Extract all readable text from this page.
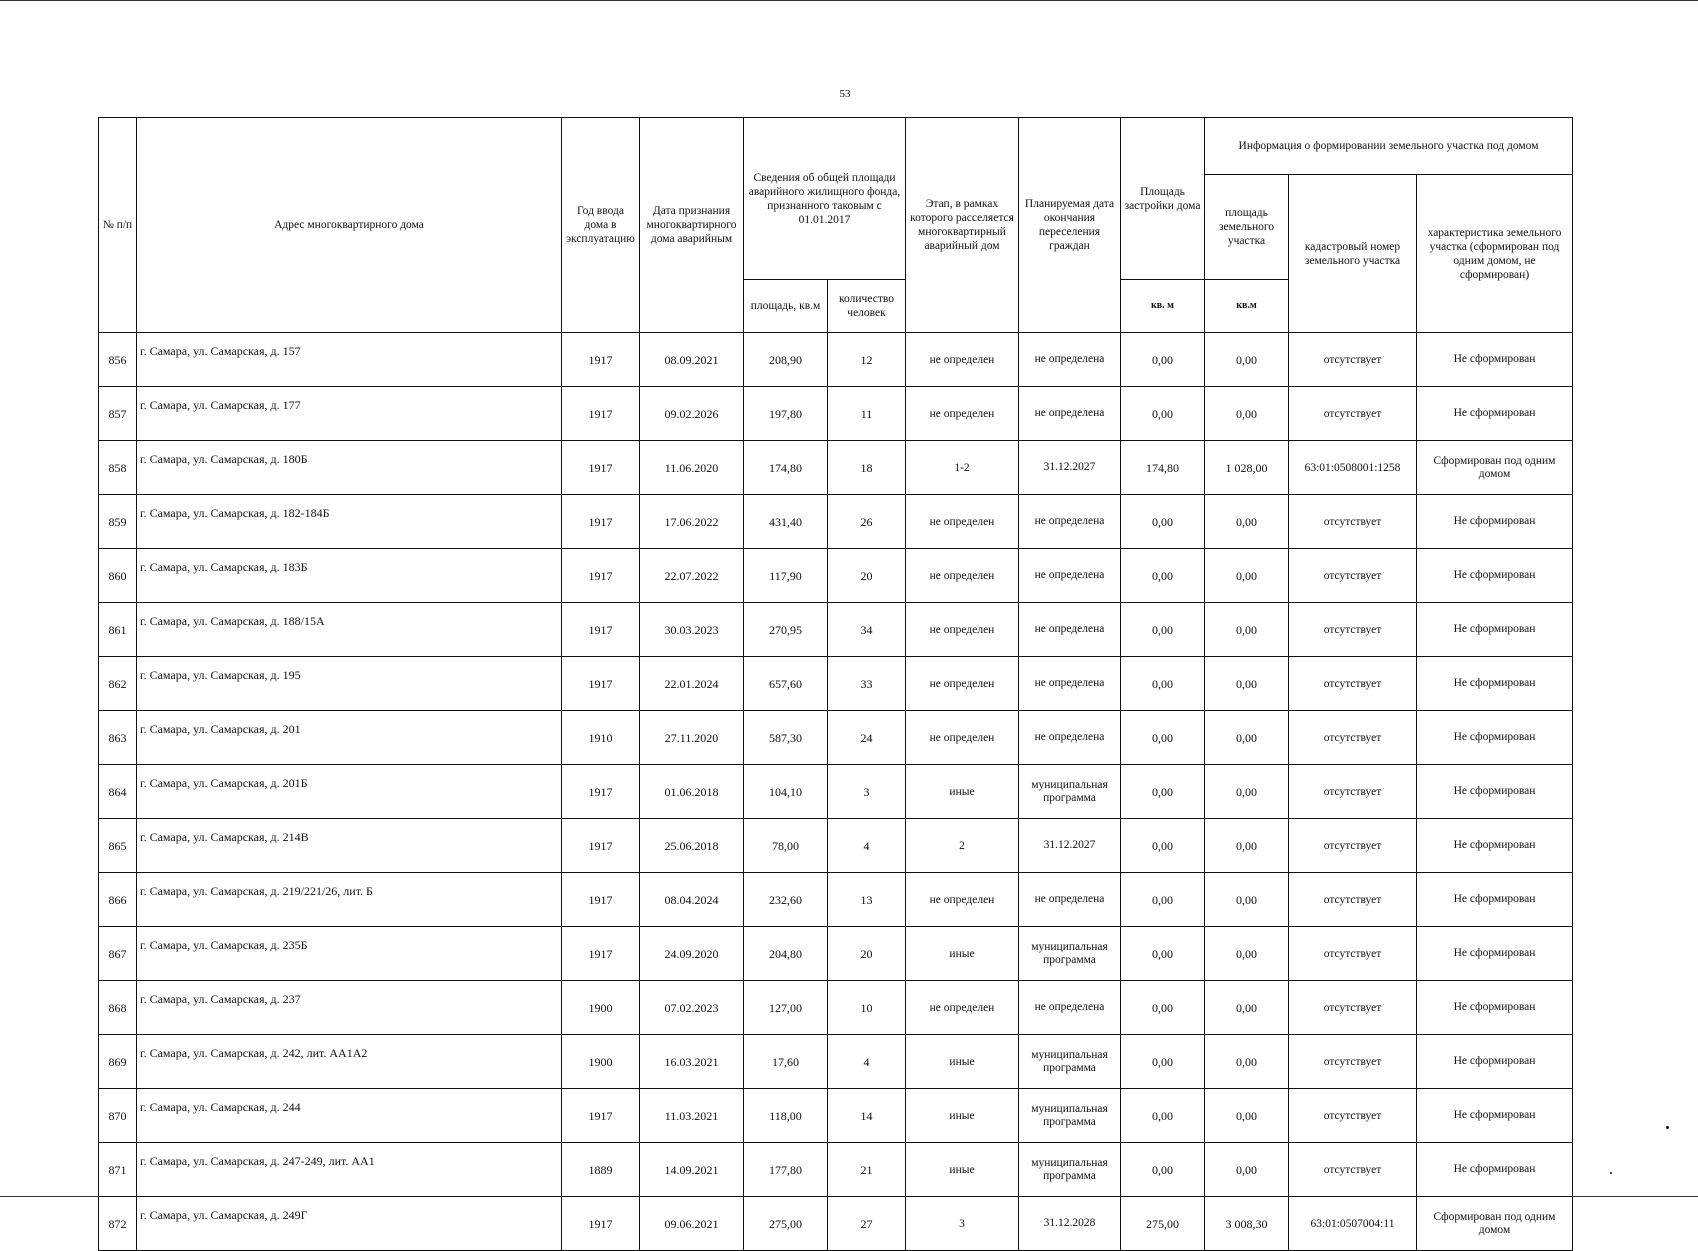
53
№ п/п	Адрес многоквартирного дома	Год ввода дома в эксплуатацию	Дата признания многоквартирного дома аварийным	Сведения об общей площади аварийного жилищного фонда, признанного таковым с 01.01.2017		Этап, в рамках которого расселяется многоквартирный аварийный дом	Планируемая дата окончания переселения граждан	Площадь застройки дома	Информация о формировании земельного участка под домом		
									площадь земельного участка	кадастровый номер земельного участка	характеристика земельного участка (сформирован под одним домом, не сформирован)
				площадь, кв.м	количество человек			кв. м	кв.м		
856	г. Самара, ул. Самарская, д. 157	1917	08.09.2021	208,90	12	не определен	не определена	0,00	0,00	отсутствует	Не сформирован
857	г. Самара, ул. Самарская, д. 177	1917	09.02.2026	197,80	11	не определен	не определена	0,00	0,00	отсутствует	Не сформирован
858	г. Самара, ул. Самарская, д. 180Б	1917	11.06.2020	174,80	18	1-2	31.12.2027	174,80	1 028,00	63:01:0508001:1258	Сформирован под одним домом
859	г. Самара, ул. Самарская, д. 182-184Б	1917	17.06.2022	431,40	26	не определен	не определена	0,00	0,00	отсутствует	Не сформирован
860	г. Самара, ул. Самарская, д. 183Б	1917	22.07.2022	117,90	20	не определен	не определена	0,00	0,00	отсутствует	Не сформирован
861	г. Самара, ул. Самарская, д. 188/15А	1917	30.03.2023	270,95	34	не определен	не определена	0,00	0,00	отсутствует	Не сформирован
862	г. Самара, ул. Самарская, д. 195	1917	22.01.2024	657,60	33	не определен	не определена	0,00	0,00	отсутствует	Не сформирован
863	г. Самара, ул. Самарская, д. 201	1910	27.11.2020	587,30	24	не определен	не определена	0,00	0,00	отсутствует	Не сформирован
864	г. Самара, ул. Самарская, д. 201Б	1917	01.06.2018	104,10	3	иные	муниципальная программа	0,00	0,00	отсутствует	Не сформирован
865	г. Самара, ул. Самарская, д. 214В	1917	25.06.2018	78,00	4	2	31.12.2027	0,00	0,00	отсутствует	Не сформирован
866	г. Самара, ул. Самарская, д. 219/221/26, лит. Б	1917	08.04.2024	232,60	13	не определен	не определена	0,00	0,00	отсутствует	Не сформирован
867	г. Самара, ул. Самарская, д. 235Б	1917	24.09.2020	204,80	20	иные	муниципальная программа	0,00	0,00	отсутствует	Не сформирован
868	г. Самара, ул. Самарская, д. 237	1900	07.02.2023	127,00	10	не определен	не определена	0,00	0,00	отсутствует	Не сформирован
869	г. Самара, ул. Самарская, д. 242, лит. АА1А2	1900	16.03.2021	17,60	4	иные	муниципальная программа	0,00	0,00	отсутствует	Не сформирован
870	г. Самара, ул. Самарская, д. 244	1917	11.03.2021	118,00	14	иные	муниципальная программа	0,00	0,00	отсутствует	Не сформирован
871	г. Самара, ул. Самарская, д. 247-249, лит. АА1	1889	14.09.2021	177,80	21	иные	муниципальная программа	0,00	0,00	отсутствует	Не сформирован
872	г. Самара, ул. Самарская, д. 249Г	1917	09.06.2021	275,00	27	3	31.12.2028	275,00	3 008,30	63:01:0507004:11	Сформирован под одним домом
